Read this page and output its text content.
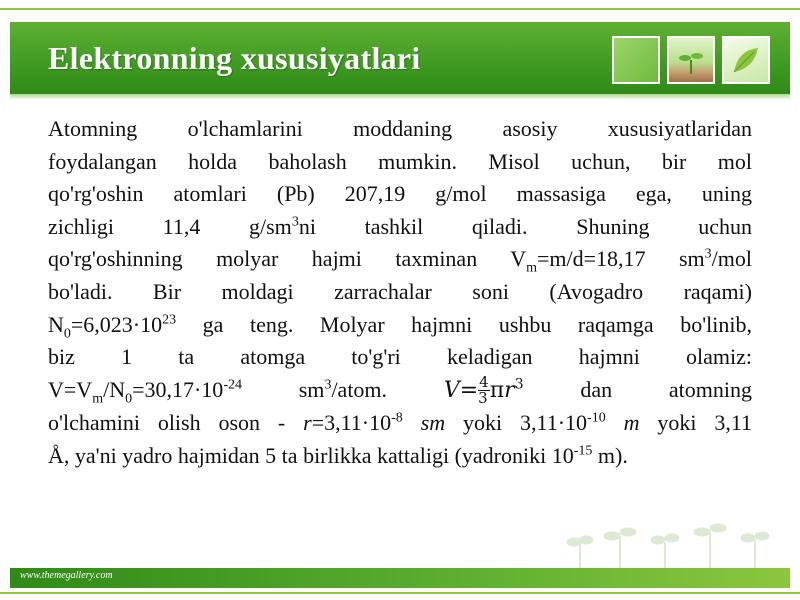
Elektronning xususiyatlari
Atomning o'lchamlarini moddaning asosiy xususіyatlaridan
foydalangan holda baholash mumkin. Misol uchun, bir mol
qo'rg'oshin atomlari (Pb) 207,19 g/mol massasiga ega, uning
zichligi 11,4 $g/sm^3ni$ tashkil qiladi. Shuning uchun
qo'rg'oshinning molyar hajmi taxminan $V_m=m/d=18,17$ $sm^3$/mol
bo'ladi. Bir moldagi zarrachalar soni (Avogadro raqami)
$N_0=6,023\cdot 10^{23}$ ga teng. Molyar hajmni ushbu raqamga bo'linib,
biz 1 ta atomga to'g'ri keladigan hajmni olamiz:
$V=V_m/N_0=30,17\cdot 10^{-24}$	$sm^3$/atom.	$V= \frac{4}{3} \pi r^3$	dan atomning
o'lchamini olish oson - $r=3,11\cdot 10^{-8}$ sm yoki $3,11\cdot 10^{-10}$ m yoki 3,11
Å, ya'ni yadro hajmidan 5 ta birlikka kattaligi (yadroniki $10^{-15}$ m).
www.themegallery.com
